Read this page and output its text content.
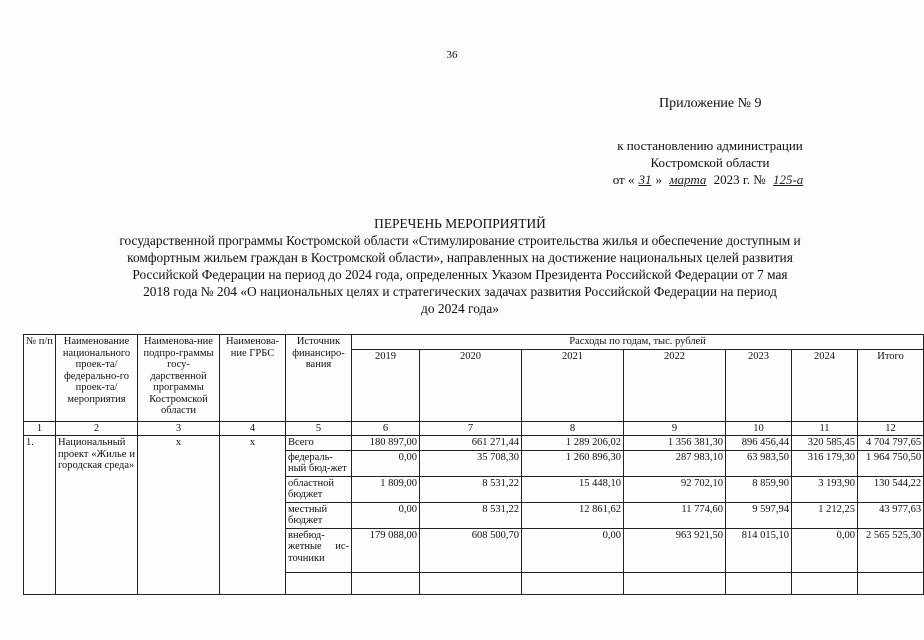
36
Приложение № 9
к постановлению администрации
Костромской области
от « 31 » марта 2023 г. № 125-а
ПЕРЕЧЕНЬ МЕРОПРИЯТИЙ
государственной программы Костромской области «Стимулирование строительства жилья и обеспечение доступным и
комфортным жильем граждан в Костромской области», направленных на достижение национальных целей развития
Российской Федерации на период до 2024 года, определенных Указом Президента Российской Федерации от 7 мая
2018 года № 204 «О национальных целях и стратегических задачах развития Российской Федерации на период
до 2024 года»
№ п/п	Наименование национального проек-та/федерально-го проек-та/мероприятия	Наименова-ние подпро-граммы госу-дарственной программы Костромской области	Наименова-ние ГРБС	Источник финансиро-вания	Расходы по годам, тыс. рублей						
					2019	2020	2021	2022	2023	2024	Итого
1	2	3	4	5	6	7	8	9	10	11	12
1.	Национальный проект «Жилье и городская среда»	х	х	Всего	180 897,00	661 271,44	1 289 206,02	1 356 381,30	896 456,44	320 585,45	4 704 797,65
				федераль-ный бюд-жет	0,00	35 708,30	1 260 896,30	287 983,10	63 983,50	316 179,30	1 964 750,50
				областной бюджет	1 809,00	8 531,22	15 448,10	92 702,10	8 859,90	3 193,90	130 544,22
				местный бюджет	0,00	8 531,22	12 861,62	11 774,60	9 597,94	1 212,25	43 977,63
				внебюд-жетные ис-точники	179 088,00	608 500,70	0,00	963 921,50	814 015,10	0,00	2 565 525,30
